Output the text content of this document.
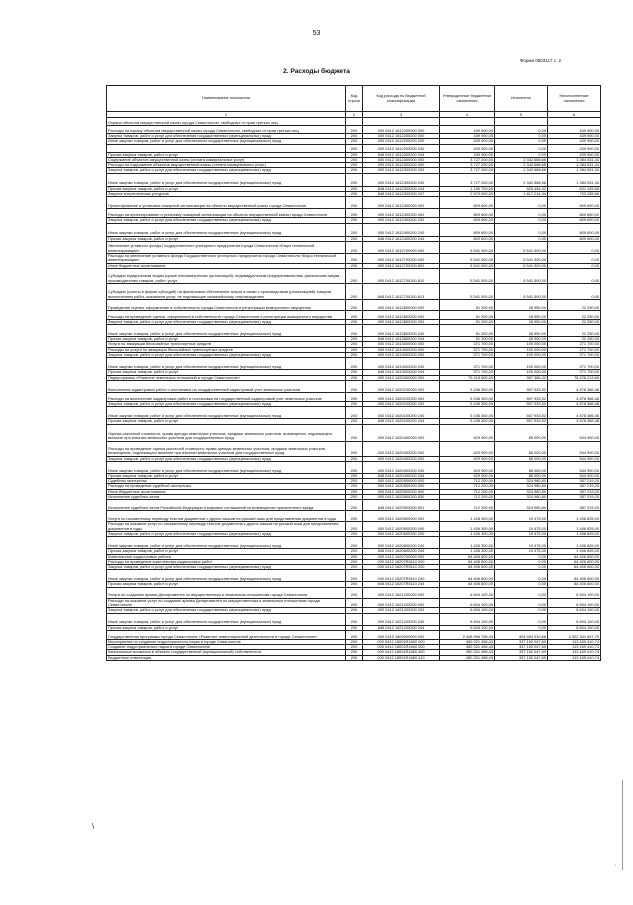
53
Форма 0503117 с. 2
2. Расходы бюджета
Наименование показателя	Код строки	Код расхода по бюджетной классификации	Утвержденные бюджетные назначения	Исполнено	Неисполненные назначения
1	2	3	4	5	6
Охрана объектов имущественной казны города Севастополя, свободных от прав третьих лиц					
Расходы на охрану объектов имущественной казны города Севастополя, свободных от прав третьих лиц	200	000 0412 1612200000 000	439 900,00	0,00	439 900,00
Закупка товаров, работ и услуг для обеспечения государственных (муниципальных) нужд	200	000 0412 1612200200 000	439 900,00	0,00	439 900,00
Иные закупки товаров, работ и услуг для обеспечения государственных (муниципальных) нужд	200	000 0412 1612200200 200	439 900,00	0,00	439 900,00
	200	000 0412 1612200200 240	439 900,00	0,00	439 900,00
Прочая закупка товаров, работ и услуг	200	848 0412 1612200200 244	439 900,00	0,00	439 900,00
Содержание объектов имущественной казны (оплата коммунальных услуг)	200	000 0412 1612300000 000	3 727 200,00	2 342 668,66	1 384 531,34
Расходы на содержание объектов имущественной казны (оплата коммунальных услуг)	200	000 0412 1612300200 000	3 727 200,00	2 342 668,66	1 384 531,34
Закупка товаров, работ и услуг для обеспечения государственных (муниципальных) нужд	200	000 0412 1612300200 200	3 727 200,00	2 342 668,66	1 384 531,34
Иные закупки товаров, работ и услуг для обеспечения государственных (муниципальных) нужд	200	000 0412 1612300200 240	3 727 200,00	2 342 668,66	1 384 531,34
Прочая закупка товаров, работ и услуг	200	848 0412 1612300200 244	1 150 700,00	525 454,32	631 245,68
Закупка энергетических ресурсов	200	848 0412 1612300200 247	2 570 500,00	1 817 214,34	753 285,66
Проектирование и установка пожарной сигнализации на объекты имущественной казны города Севастополя	200	000 0412 1612400000 000	809 600,00	0,00	809 600,00
Расходы на проектирование и установку пожарной сигнализации на объекты имущественной казны города Севастополя	200	000 0412 1612400200 000	809 600,00	0,00	809 600,00
Закупка товаров, работ и услуг для обеспечения государственных (муниципальных) нужд	200	000 0412 1612400200 200	809 600,00	0,00	809 600,00
Иные закупки товаров, работ и услуг для обеспечения государственных (муниципальных) нужд	200	000 0412 1612400200 240	809 600,00	0,00	809 600,00
Прочая закупка товаров, работ и услуг	200	848 0412 1612400200 244	809 600,00	0,00	809 600,00
Увеличение уставного фонда Государственного унитарного предприятия города Севастополя «Бюро технической инвентаризации»	200	000 0412 1612700000 000	5 541 500,00	5 541 500,00	0,00
Расходы на увеличение уставного фонда Государственного унитарного предприятия города Севастополя «Бюро технической инвентаризации»	200	000 0412 1612700200 000	5 541 500,00	5 541 500,00	0,00
Иные бюджетные ассигнования	200	000 0412 1612700200 800	5 541 500,00	5 541 500,00	0,00
Субсидии юридическим лицам (кроме некоммерческих организаций), индивидуальным предпринимателям, физическим лицам - производителям товаров, работ, услуг	200	000 0412 1612700200 810	5 541 500,00	5 541 500,00	0,00
Субсидии (гранты в форме субсидий) на финансовое обеспечение затрат в связи с производством (реализацией) товаров, выполнением работ, оказанием услуг, не подлежащие казначейскому сопровождению	200	848 0412 1612700200 813	5 541 500,00	5 541 500,00	0,00
Проведение оценки, оформление в собственность города Севастополя и регистрации выморочного имущества	200	000 0412 1612800000 000	51 200,00	28 950,00	22 250,00
Расходы на проведение оценки, оформления в собственность города Севастополя и регистрации выморочного имущества	200	000 0412 1612800200 000	51 200,00	28 950,00	22 250,00
Закупка товаров, работ и услуг для обеспечения государственных (муниципальных) нужд	200	000 0412 1612800200 200	51 200,00	28 950,00	22 250,00
Иные закупки товаров, работ и услуг для обеспечения государственных (муниципальных) нужд	200	000 0412 1612800200 240	51 200,00	28 950,00	22 250,00
Прочая закупка товаров, работ и услуг	200	848 0412 1612800200 244	51 200,00	28 950,00	22 250,00
Услуги по эвакуации бесхозяйных транспортных средств	200	000 0412 1613000000 000	371 700,00	100 000,00	271 700,00
Расходы на услуги по эвакуации бесхозяйных транспортных средств	200	000 0412 1613000200 000	371 700,00	100 000,00	271 700,00
Закупка товаров, работ и услуг для обеспечения государственных (муниципальных) нужд	200	000 0412 1613000200 200	371 700,00	100 000,00	271 700,00
Иные закупки товаров, работ и услуг для обеспечения государственных (муниципальных) нужд	200	000 0412 1613000200 240	371 700,00	100 000,00	271 700,00
Прочая закупка товаров, работ и услуг	200	848 0412 1613000200 244	371 700,00	100 000,00	271 700,00
Подпрограмма «Развитие земельных отношений в городе Севастополе»	200	000 0412 1620000000 000	79 215 600,00	987 386,32	78 228 213,68
Выполнение кадастровых работ и постановка на государственный кадастровый учет земельных участков	200	000 0412 1620100000 000	5 436 300,00	557 933,52	4 878 366,48
Расходы на выполнение кадастровых работ и постановка на государственный кадастровый учет земельных участков	200	000 0412 1620100200 000	5 436 300,00	557 933,52	4 878 366,48
Закупка товаров, работ и услуг для обеспечения государственных (муниципальных) нужд	200	000 0412 1620100200 200	5 436 300,00	557 933,52	4 878 366,48
Иные закупки товаров, работ и услуг для обеспечения государственных (муниципальных) нужд	200	000 0412 1620100200 240	5 436 300,00	557 933,52	4 878 366,48
Прочая закупка товаров, работ и услуг	200	848 0412 1620100200 244	5 436 300,00	557 933,52	4 878 366,48
Оценка рыночной стоимости: права аренды земельных участков, продажи земельных участков, возмещения, подлежащего выплате при изъятии земельных участков для государственных нужд	200	000 0412 1620400000 000	629 900,00	85 000,00	544 900,00
Расходы на проведение оценки рыночной стоимости: права аренды земельных участков, продажи земельных участков, возмещения, подлежащего выплате при изъятии земельных участков для государственных нужд	200	000 0412 1620400200 000	629 900,00	85 000,00	544 900,00
Закупка товаров, работ и услуг для обеспечения государственных (муниципальных) нужд	200	000 0412 1620400200 200	629 900,00	85 000,00	544 900,00
Иные закупки товаров, работ и услуг для обеспечения государственных (муниципальных) нужд	200	000 0412 1620400200 240	629 900,00	85 000,00	544 900,00
Прочая закупка товаров, работ и услуг	200	848 0412 1620400200 244	629 900,00	85 000,00	544 900,00
Судебная экспертиза	200	000 0412 1620500000 000	712 200,00	324 980,80	387 219,20
Расходы на проведение судебной экспертизы	200	000 0412 1620500200 000	712 200,00	324 980,80	387 219,20
Иные бюджетные ассигнования	200	000 0412 1620500200 800	712 200,00	324 980,80	387 219,20
Исполнение судебных актов	200	000 0412 1620500200 830	712 200,00	324 980,80	387 219,20
Исполнение судебных актов Российской Федерации и мировых соглашений по возмещению причиненного вреда	200	848 0412 1620500200 831	712 200,00	324 980,80	387 219,20
Услуги по письменному переводу текстов документов с других языков на русский язык для представления документов в суды	200	000 0412 1620600000 000	1 426 300,00	19 475,00	1 406 825,00
Расходы на оказание услуг по письменному переводу текстов документов с других языков на русский язык для представления документов в суды	200	000 0412 1620600200 000	1 426 300,00	19 475,00	1 406 825,00
Закупка товаров, работ и услуг для обеспечения государственных (муниципальных) нужд	200	000 0412 1620600200 200	1 426 300,00	19 475,00	1 406 825,00
Иные закупки товаров, работ и услуг для обеспечения государственных (муниципальных) нужд	200	000 0412 1620600200 240	1 426 300,00	19 475,00	1 406 825,00
Прочая закупка товаров, работ и услуг	200	848 0412 1620600200 244	1 426 300,00	19 475,00	1 406 825,00
Комплексные кадастровые работы	200	000 0412 1620700000 000	64 406 800,00	0,00	64 406 800,00
Расходы на проведение комплексных кадастровых работ	200	000 0412 16207R5110 000	64 406 800,00	0,00	64 406 800,00
Закупка товаров, работ и услуг для обеспечения государственных (муниципальных) нужд	200	000 0412 16207R5110 200	64 406 800,00	0,00	64 406 800,00
Иные закупки товаров, работ и услуг для обеспечения государственных (муниципальных) нужд	200	000 0412 16207R5110 240	64 406 800,00	0,00	64 406 800,00
Прочая закупка товаров, работ и услуг	200	848 0412 16207R5110 244	64 406 800,00	0,00	64 406 800,00
Услуги по созданию архива Департамента по имущественным и земельным отношениям города Севастополя	200	000 0412 1621200000 000	6 604 100,00	0,00	6 604 100,00
Расходы на оказание услуг по созданию архива Департамента по имущественным и земельным отношениям города Севастополя	200	000 0412 1621200200 000	6 604 100,00	0,00	6 604 100,00
Закупка товаров, работ и услуг для обеспечения государственных (муниципальных) нужд	200	000 0412 1621200200 200	6 604 100,00	0,00	6 604 100,00
Иные закупки товаров, работ и услуг для обеспечения государственных (муниципальных) нужд	200	000 0412 1621200200 240	6 604 100,00	0,00	6 604 100,00
Прочая закупка товаров, работ и услуг	200	848 0412 1621200200 244	6 604 100,00	0,00	6 604 100,00
Государственная программа города Севастополя «Развитие инвестиционной деятельности в городе Севастополе»	200	000 0412 1800000000 000	2 428 996 758,43	404 954 910,68	2 022 341 847,75
Мероприятия по созданию индустриального парка в городе Севастополе	200	000 0412 18001R1660 000	450 321 458,43	337 152 047,69	113 169 410,74
Создание индустриального парка в городе Севастополе	200	000 0412 18001R1660 000	450 321 458,43	337 152 047,69	113 169 410,74
Капитальные вложения в объекты государственной (муниципальной) собственности	200	000 0412 18001R1660 400	450 321 458,43	337 152 047,69	113 169 410,74
Бюджетные инвестиции	200	000 0412 18001R1660 410	450 321 458,43	337 152 047,69	113 169 410,74
\
·
